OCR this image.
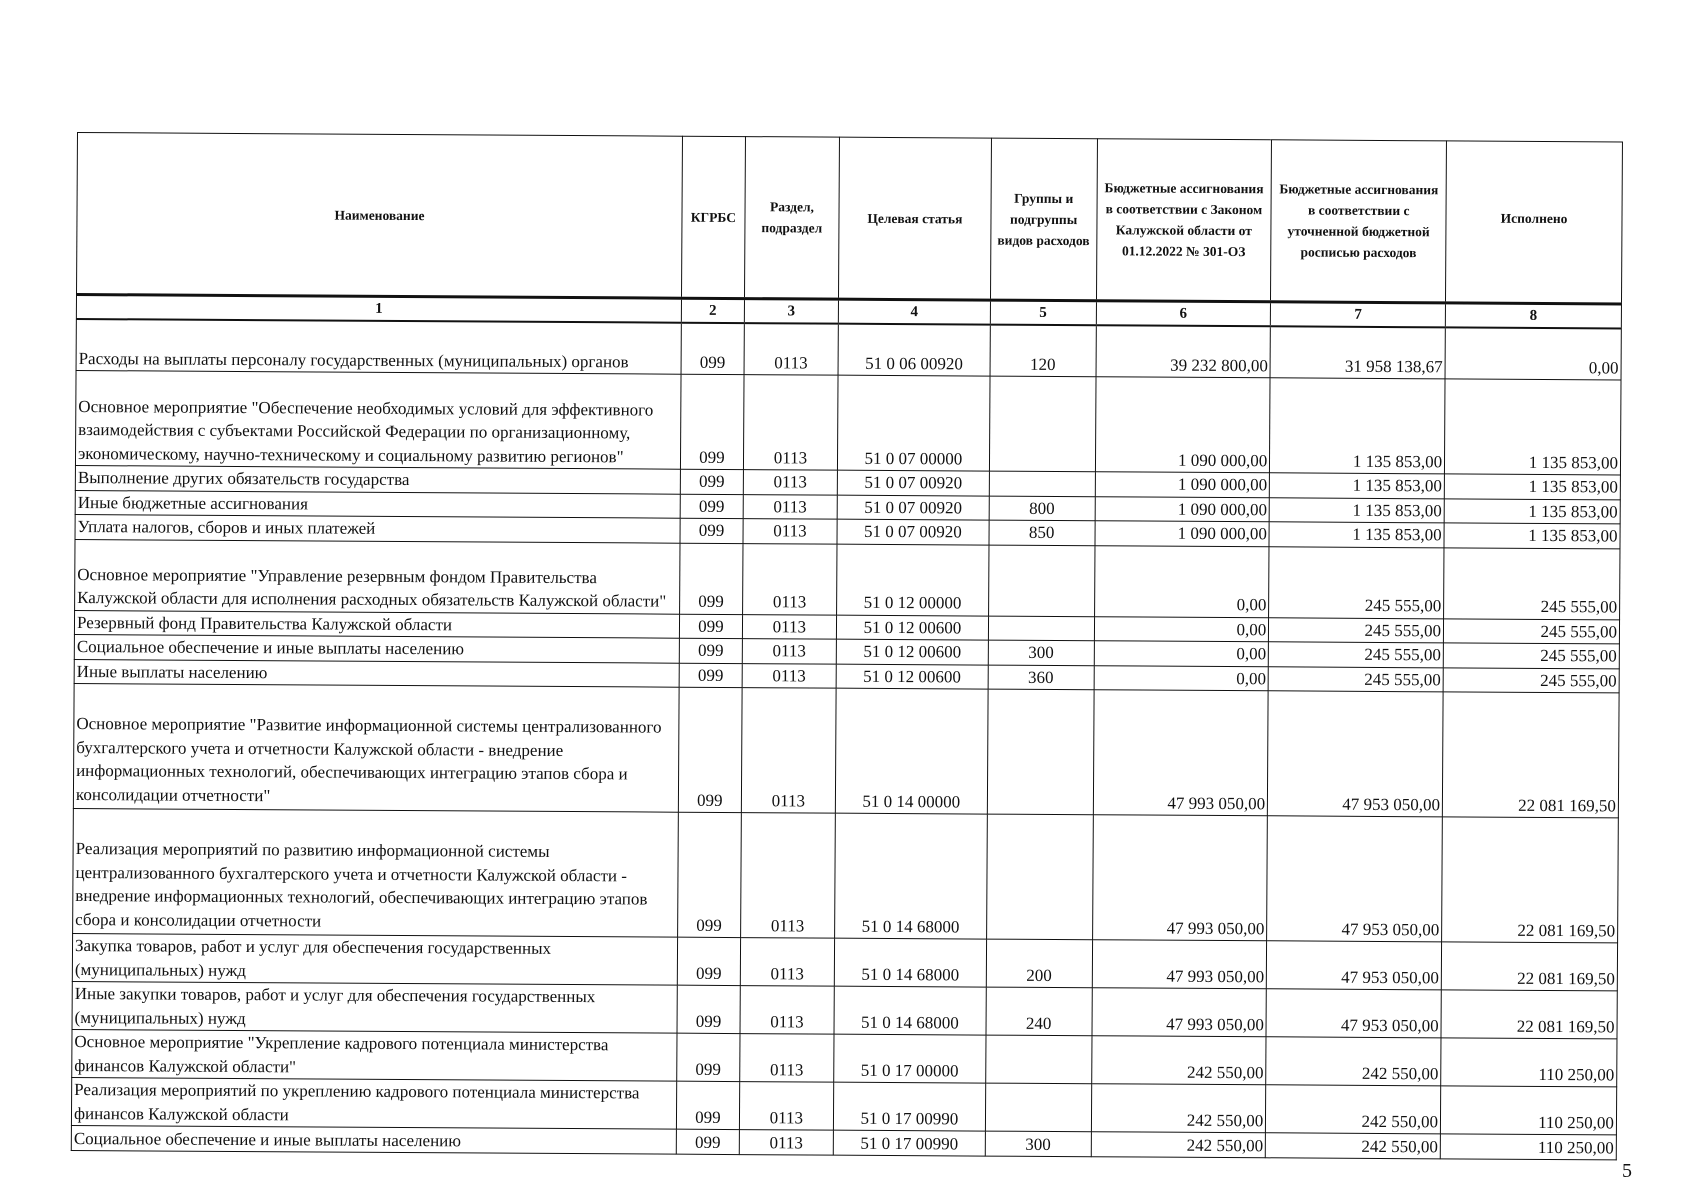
Наименование	КГРБС	Раздел, подраздел	Целевая статья	Группы и подгруппы видов расходов	Бюджетные ассигнования в соответствии с Законом Калужской области от 01.12.2022 № 301-ОЗ	Бюджетные ассигнования в соответствии с уточненной бюджетной росписью расходов	Исполнено
1	2	3	4	5	6	7	8
Расходы на выплаты персоналу государственных (муниципальных) органов	099	0113	51 0 06 00920	120	39 232 800,00	31 958 138,67	0,00
Основное мероприятие "Обеспечение необходимых условий для эффективного взаимодействия с субъектами Российской Федерации по организационному, экономическому, научно-техническому и социальному развитию регионов"	099	0113	51 0 07 00000		1 090 000,00	1 135 853,00	1 135 853,00
Выполнение других обязательств государства	099	0113	51 0 07 00920		1 090 000,00	1 135 853,00	1 135 853,00
Иные бюджетные ассигнования	099	0113	51 0 07 00920	800	1 090 000,00	1 135 853,00	1 135 853,00
Уплата налогов, сборов и иных платежей	099	0113	51 0 07 00920	850	1 090 000,00	1 135 853,00	1 135 853,00
Основное мероприятие "Управление резервным фондом Правительства Калужской области для исполнения расходных обязательств Калужской области"	099	0113	51 0 12 00000		0,00	245 555,00	245 555,00
Резервный фонд Правительства Калужской области	099	0113	51 0 12 00600		0,00	245 555,00	245 555,00
Социальное обеспечение и иные выплаты населению	099	0113	51 0 12 00600	300	0,00	245 555,00	245 555,00
Иные выплаты населению	099	0113	51 0 12 00600	360	0,00	245 555,00	245 555,00
Основное мероприятие "Развитие информационной системы централизованного бухгалтерского учета и отчетности Калужской области - внедрение информационных технологий, обеспечивающих интеграцию этапов сбора и консолидации отчетности"	099	0113	51 0 14 00000		47 993 050,00	47 953 050,00	22 081 169,50
Реализация мероприятий по развитию информационной системы централизованного бухгалтерского учета и отчетности Калужской области - внедрение информационных технологий, обеспечивающих интеграцию этапов сбора и консолидации отчетности	099	0113	51 0 14 68000		47 993 050,00	47 953 050,00	22 081 169,50
Закупка товаров, работ и услуг для обеспечения государственных (муниципальных) нужд	099	0113	51 0 14 68000	200	47 993 050,00	47 953 050,00	22 081 169,50
Иные закупки товаров, работ и услуг для обеспечения государственных (муниципальных) нужд	099	0113	51 0 14 68000	240	47 993 050,00	47 953 050,00	22 081 169,50
Основное мероприятие "Укрепление кадрового потенциала министерства финансов Калужской области"	099	0113	51 0 17 00000		242 550,00	242 550,00	110 250,00
Реализация мероприятий по укреплению кадрового потенциала министерства финансов Калужской области	099	0113	51 0 17 00990		242 550,00	242 550,00	110 250,00
Социальное обеспечение и иные выплаты населению	099	0113	51 0 17 00990	300	242 550,00	242 550,00	110 250,00
5
